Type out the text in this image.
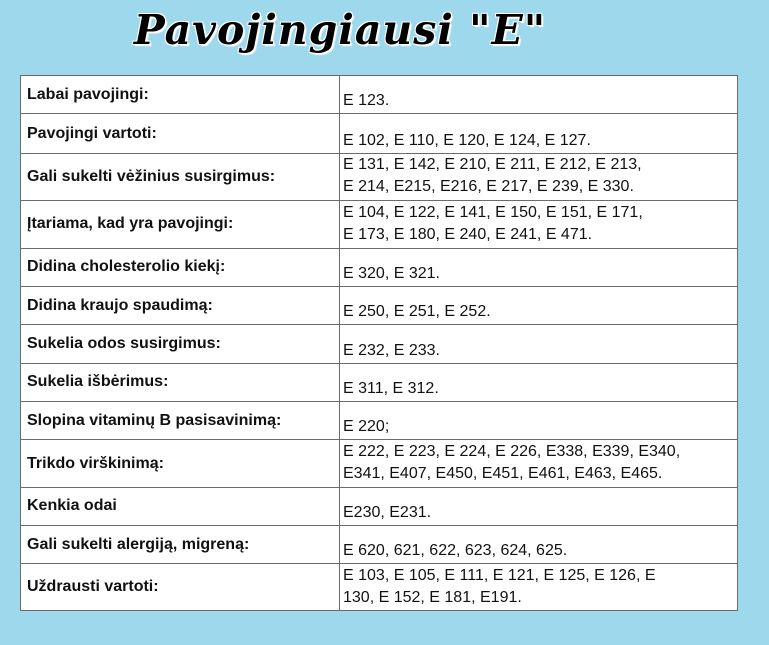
Pavojingiausi "E"
Labai pavojingi:	E 123.

Pavojingi vartoti:	E 102, E 110, E 120, E 124, E 127.

Gali sukelti vėžinius susirgimus:	E 131, E 142, E 210, E 211, E 212, E 213,
E 214, E215, E216, E 217, E 239, E 330.

Įtariama, kad yra pavojingi:	E 104, E 122, E 141, E 150, E 151, E 171,
E 173, E 180, E 240, E 241, E 471.

Didina cholesterolio kiekį:	E 320, E 321.

Didina kraujo spaudimą:	E 250, E 251, E 252.

Sukelia odos susirgimus:	E 232, E 233.

Sukelia išbėrimus:	E 311, E 312.

Slopina vitaminų B pasisavinimą:	E 220;

Trikdo virškinimą:	E 222, E 223, E 224, E 226, E338, E339, E340,
E341, E407, E450, E451, E461, E463, E465.

Kenkia odai	E230, E231.

Gali sukelti alergiją, migreną:	E 620, 621, 622, 623, 624, 625.

Uždrausti vartoti:	E 103, E 105, E 111, E 121, E 125, E 126, E
130, E 152, E 181, E191.
